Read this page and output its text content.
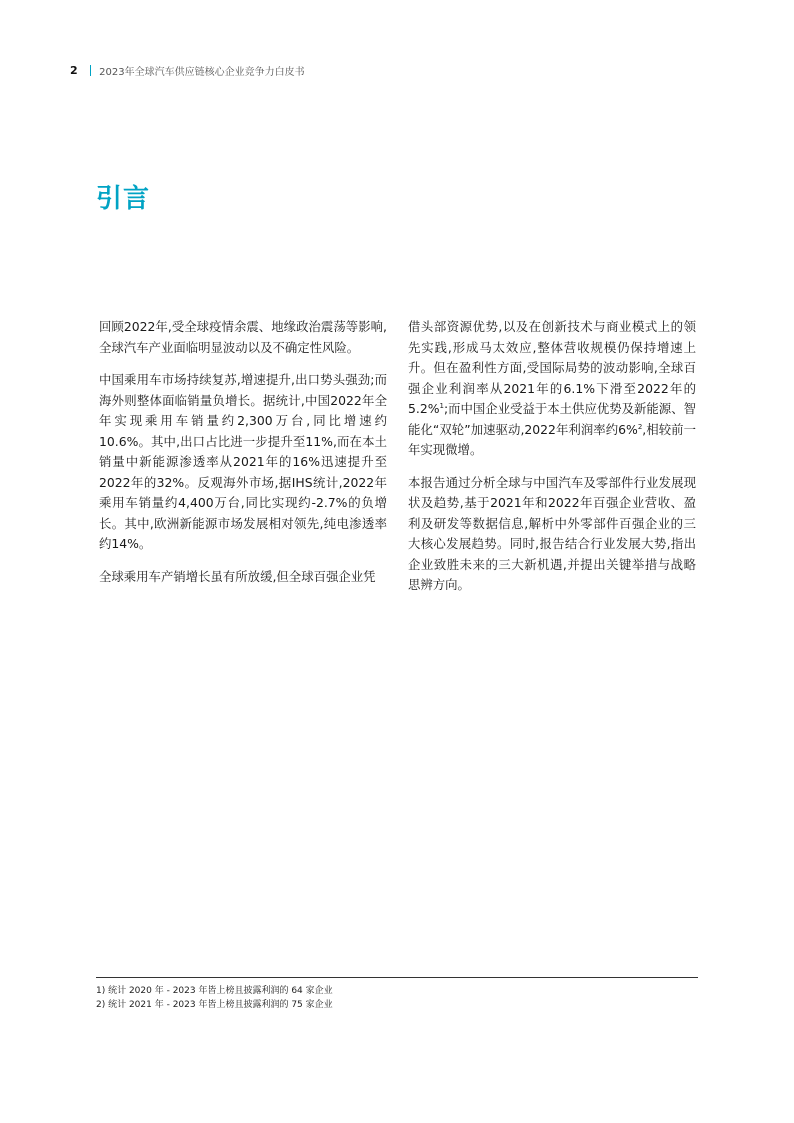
2 2023年全球汽车供应链核心企业竞争力白皮书
引言

回顾2022年,受全球疫情余震、地缘政治震荡等影响,全球汽车产业面临明显波动以及不确定性风险。

中国乘用车市场持续复苏,增速提升,出口势头强劲;而海外则整体面临销量负增长。据统计,中国2022年全年实现乘用车销量约2,300万台,同比增速约10.6%。其中,出口占比进一步提升至11%,而在本土销量中新能源渗透率从2021年的16%迅速提升至2022年的32%。反观海外市场,据IHS统计,2022年乘用车销量约4,400万台,同比实现约-2.7%的负增长。其中,欧洲新能源市场发展相对领先,纯电渗透率约14%。

全球乘用车产销增长虽有所放缓,但全球百强企业凭

借头部资源优势,以及在创新技术与商业模式上的领先实践,形成马太效应,整体营收规模仍保持增速上升。但在盈利性方面,受国际局势的波动影响,全球百强企业利润率从2021年的6.1%下滑至2022年的5.2%$^1$;而中国企业受益于本土供应优势及新能源、智能化“双轮”加速驱动,2022年利润率约6%$^2$,相较前一年实现微增。

本报告通过分析全球与中国汽车及零部件行业发展现状及趋势,基于2021年和2022年百强企业营收、盈利及研发等数据信息,解析中外零部件百强企业的三大核心发展趋势。同时,报告结合行业发展大势,指出企业致胜未来的三大新机遇,并提出关键举措与战略思辨方向。

1) 统计 2020 年 - 2023 年皆上榜且披露利润的 64 家企业
2) 统计 2021 年 - 2023 年皆上榜且披露利润的 75 家企业
